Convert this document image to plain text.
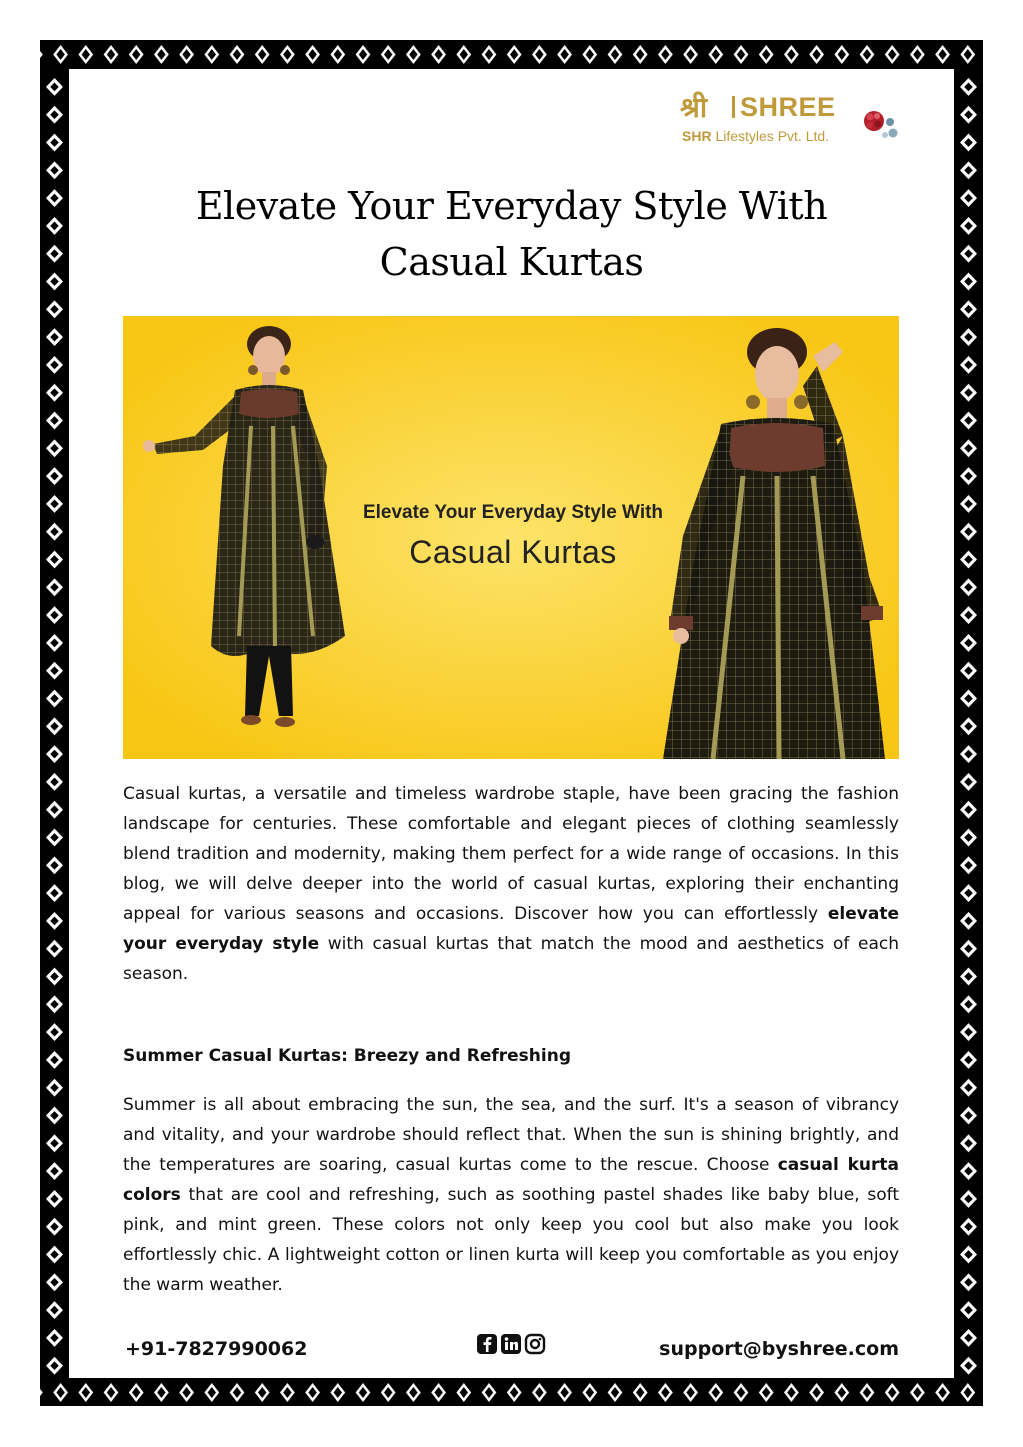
श्री SHREE
SHR Lifestyles Pvt. Ltd.
Elevate Your Everyday Style With
Casual Kurtas
Elevate Your Everyday Style With
Casual Kurtas

Casual kurtas, a versatile and timeless wardrobe staple, have been gracing the fashion landscape for centuries. These comfortable and elegant pieces of clothing seamlessly blend tradition and modernity, making them perfect for a wide range of occasions. In this blog, we will delve deeper into the world of casual kurtas, exploring their enchanting appeal for various seasons and occasions. Discover how you can effortlessly elevate your everyday style with casual kurtas that match the mood and aesthetics of each season.

Summer Casual Kurtas: Breezy and Refreshing

Summer is all about embracing the sun, the sea, and the surf. It's a season of vibrancy and vitality, and your wardrobe should reflect that. When the sun is shining brightly, and the temperatures are soaring, casual kurtas come to the rescue. Choose casual kurta colors that are cool and refreshing, such as soothing pastel shades like baby blue, soft pink, and mint green. These colors not only keep you cool but also make you look effortlessly chic. A lightweight cotton or linen kurta will keep you comfortable as you enjoy the warm weather.

+91-7827990062	support@byshree.com
